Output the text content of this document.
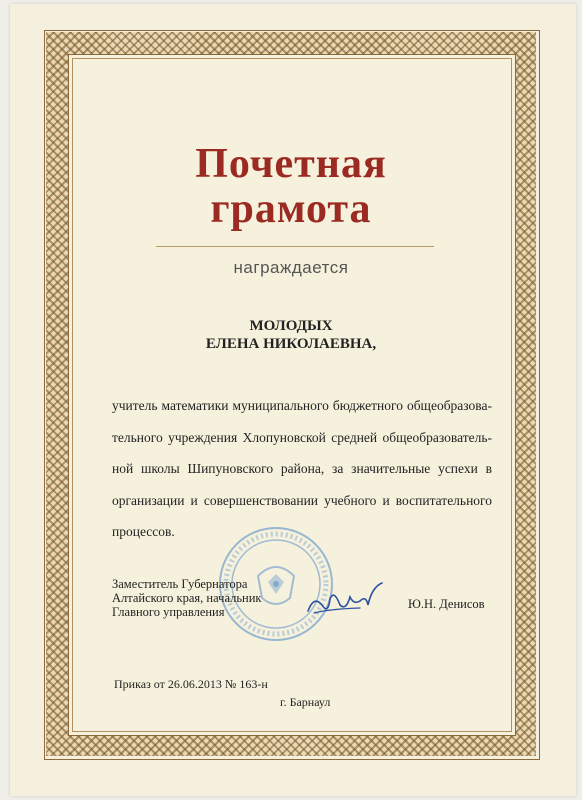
Почетная
грамота
награждается
МОЛОДЫХ
ЕЛЕНА НИКОЛАЕВНА,
учитель математики муниципального бюджетного общеобразова-
тельного учреждения Хлопуновской средней общеобразователь-
ной школы Шипуновского района, за значительные успехи в
организации и совершенствовании учебного и воспитательного
процессов.
Заместитель Губернатора
Алтайского края, начальник
Главного управления
Ю.Н. Денисов
Приказ от 26.06.2013 № 163-н
г. Барнаул
